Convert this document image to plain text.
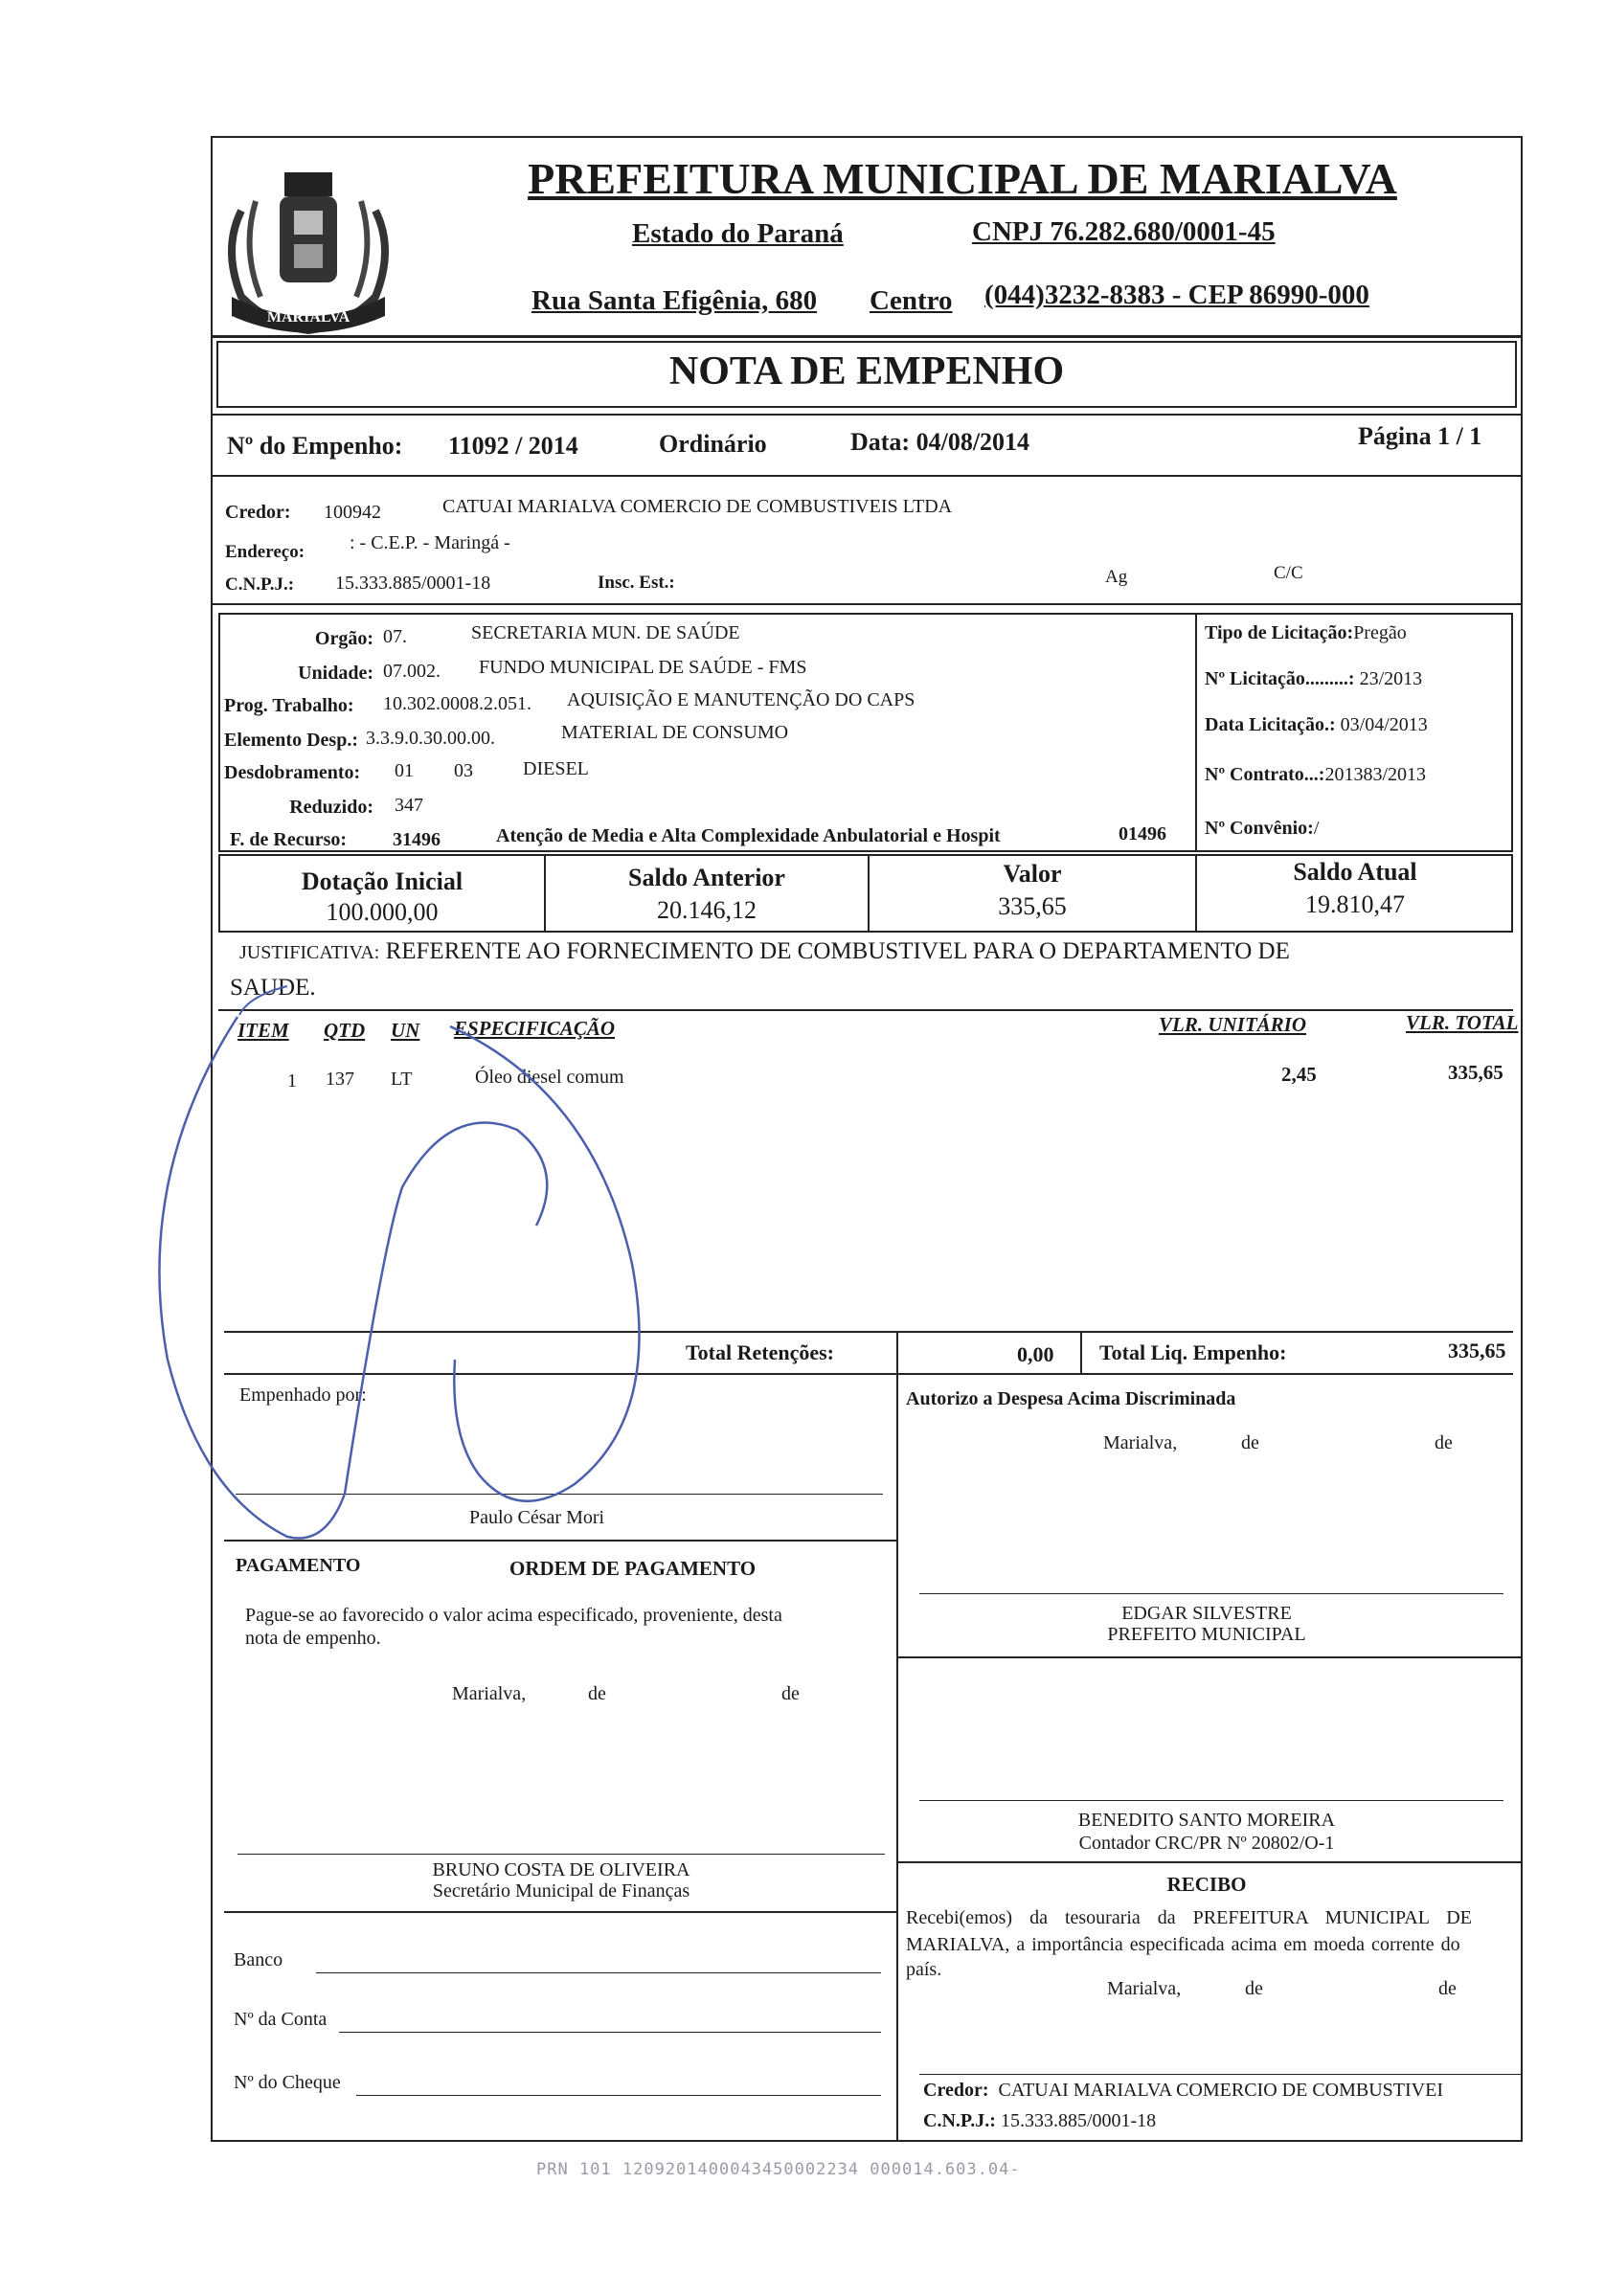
MARIALVA
PREFEITURA MUNICIPAL DE MARIALVA
Estado do Paraná	CNPJ 76.282.680/0001-45
Rua Santa Efigênia, 680 Centro (044)3232-8383 - CEP 86990-000
NOTA DE EMPENHO
Nº do Empenho: 11092 / 2014	Ordinário	Data: 04/08/2014	Página 1 / 1
Credor: 100942	CATUAI MARIALVA COMERCIO DE COMBUSTIVEIS LTDA
Endereço: : - C.E.P. - Maringá -
C.N.P.J.: 15.333.885/0001-18	Insc. Est.:	Ag	C/C
Orgão: 07.	SECRETARIA MUN. DE SAÚDE
Unidade: 07.002. FUNDO MUNICIPAL DE SAÚDE - FMS
Prog. Trabalho: 10.302.0008.2.051. AQUISIÇÃO E MANUTENÇÃO DO CAPS
Elemento Desp.: 3.3.9.0.30.00.00.	MATERIAL DE CONSUMO
Desdobramento: 01 03	DIESEL
Reduzido: 347
F. de Recurso: 31496	Atenção de Media e Alta Complexidade Anbulatorial e Hospit	01496
Tipo de Licitação:Pregão
Nº Licitação.........: 23/2013
Data Licitação.: 03/04/2013
Nº Contrato...:201383/2013
Nº Convênio:/
Dotação Inicial
100.000,00
Saldo Anterior
20.146,12
Valor
335,65
Saldo Atual
19.810,47
JUSTIFICATIVA: REFERENTE AO FORNECIMENTO DE COMBUSTIVEL PARA O DEPARTAMENTO DE
SAUDE.
ITEM QTD UN ESPECIFICAÇÃO	VLR. UNITÁRIO	VLR. TOTAL
1 137 LT	Óleo diesel comum	2,45	335,65
Total Retenções:	0,00 Total Liq. Empenho:	335,65
Empenhado por:
Paulo César Mori
Autorizo a Despesa Acima Discriminada
Marialva,	de	de
EDGAR SILVESTRE
PREFEITO MUNICIPAL
PAGAMENTO	ORDEM DE PAGAMENTO
Pague-se ao favorecido o valor acima especificado, proveniente, desta
nota de empenho.
Marialva,	de	de
BRUNO COSTA DE OLIVEIRA
Secretário Municipal de Finanças
Banco
Nº da Conta
Nº do Cheque
BENEDITO SANTO MOREIRA
Contador CRC/PR Nº 20802/O-1
RECIBO
Recebi(emos) da tesouraria da PREFEITURA MUNICIPAL DE
MARIALVA, a importância especificada acima em moeda corrente do
país.
Marialva,	de	de
Credor: CATUAI MARIALVA COMERCIO DE COMBUSTIVEI
C.N.P.J.: 15.333.885/0001-18
PRN 101 1209201400043450002234 000014.603.04-
